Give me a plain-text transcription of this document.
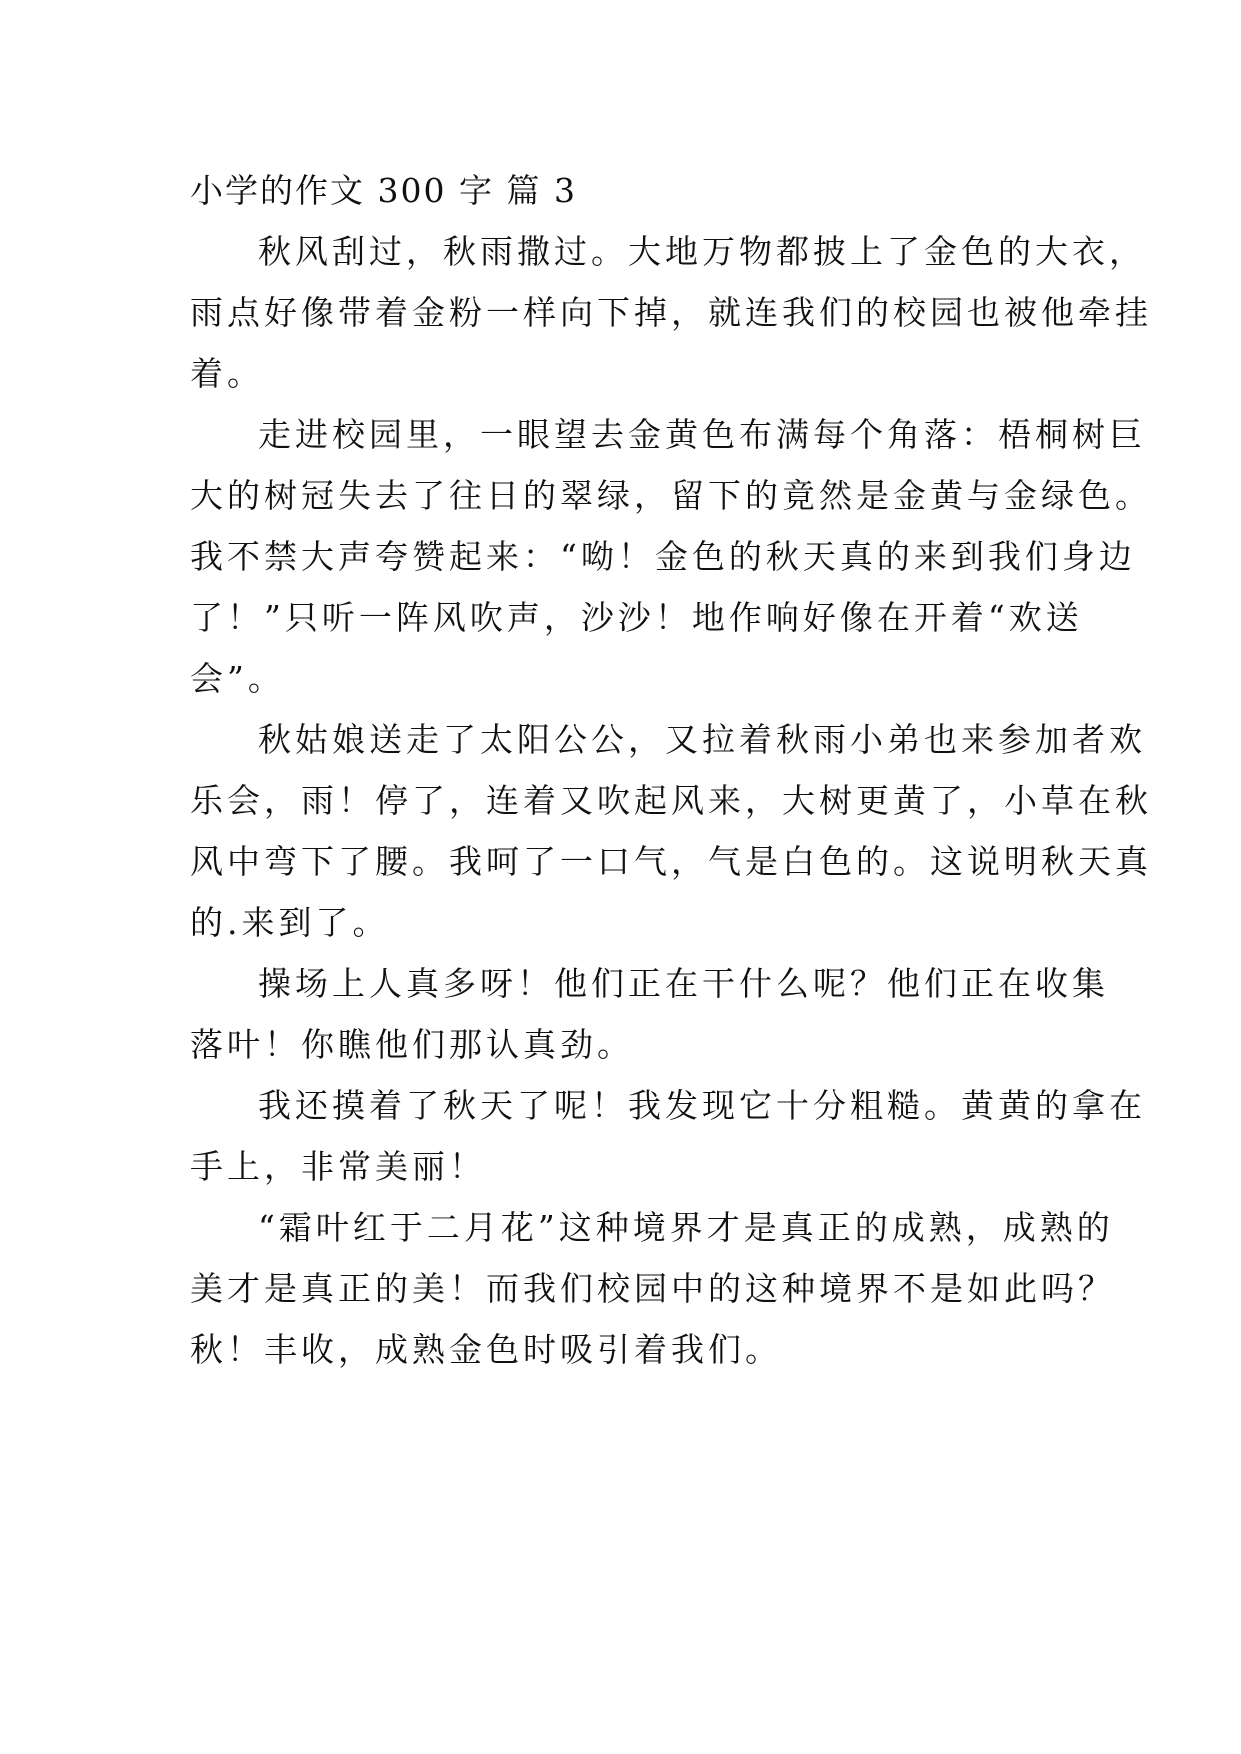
小学的作文 300 字 篇 3
秋风刮过，秋雨撒过。大地万物都披上了金色的大衣，
雨点好像带着金粉一样向下掉，就连我们的校园也被他牵挂
着。
走进校园里，一眼望去金黄色布满每个角落：梧桐树巨
大的树冠失去了往日的翠绿，留下的竟然是金黄与金绿色。
我不禁大声夸赞起来：“呦！金色的秋天真的来到我们身边
了！”只听一阵风吹声，沙沙！地作响好像在开着“欢送
会”。
秋姑娘送走了太阳公公，又拉着秋雨小弟也来参加者欢
乐会，雨！停了，连着又吹起风来，大树更黄了，小草在秋
风中弯下了腰。我呵了一口气，气是白色的。这说明秋天真
的.来到了。
操场上人真多呀！他们正在干什么呢？他们正在收集
落叶！你瞧他们那认真劲。
我还摸着了秋天了呢！我发现它十分粗糙。黄黄的拿在
手上，非常美丽！
“霜叶红于二月花”这种境界才是真正的成熟，成熟的
美才是真正的美！而我们校园中的这种境界不是如此吗？
秋！丰收，成熟金色时吸引着我们。
